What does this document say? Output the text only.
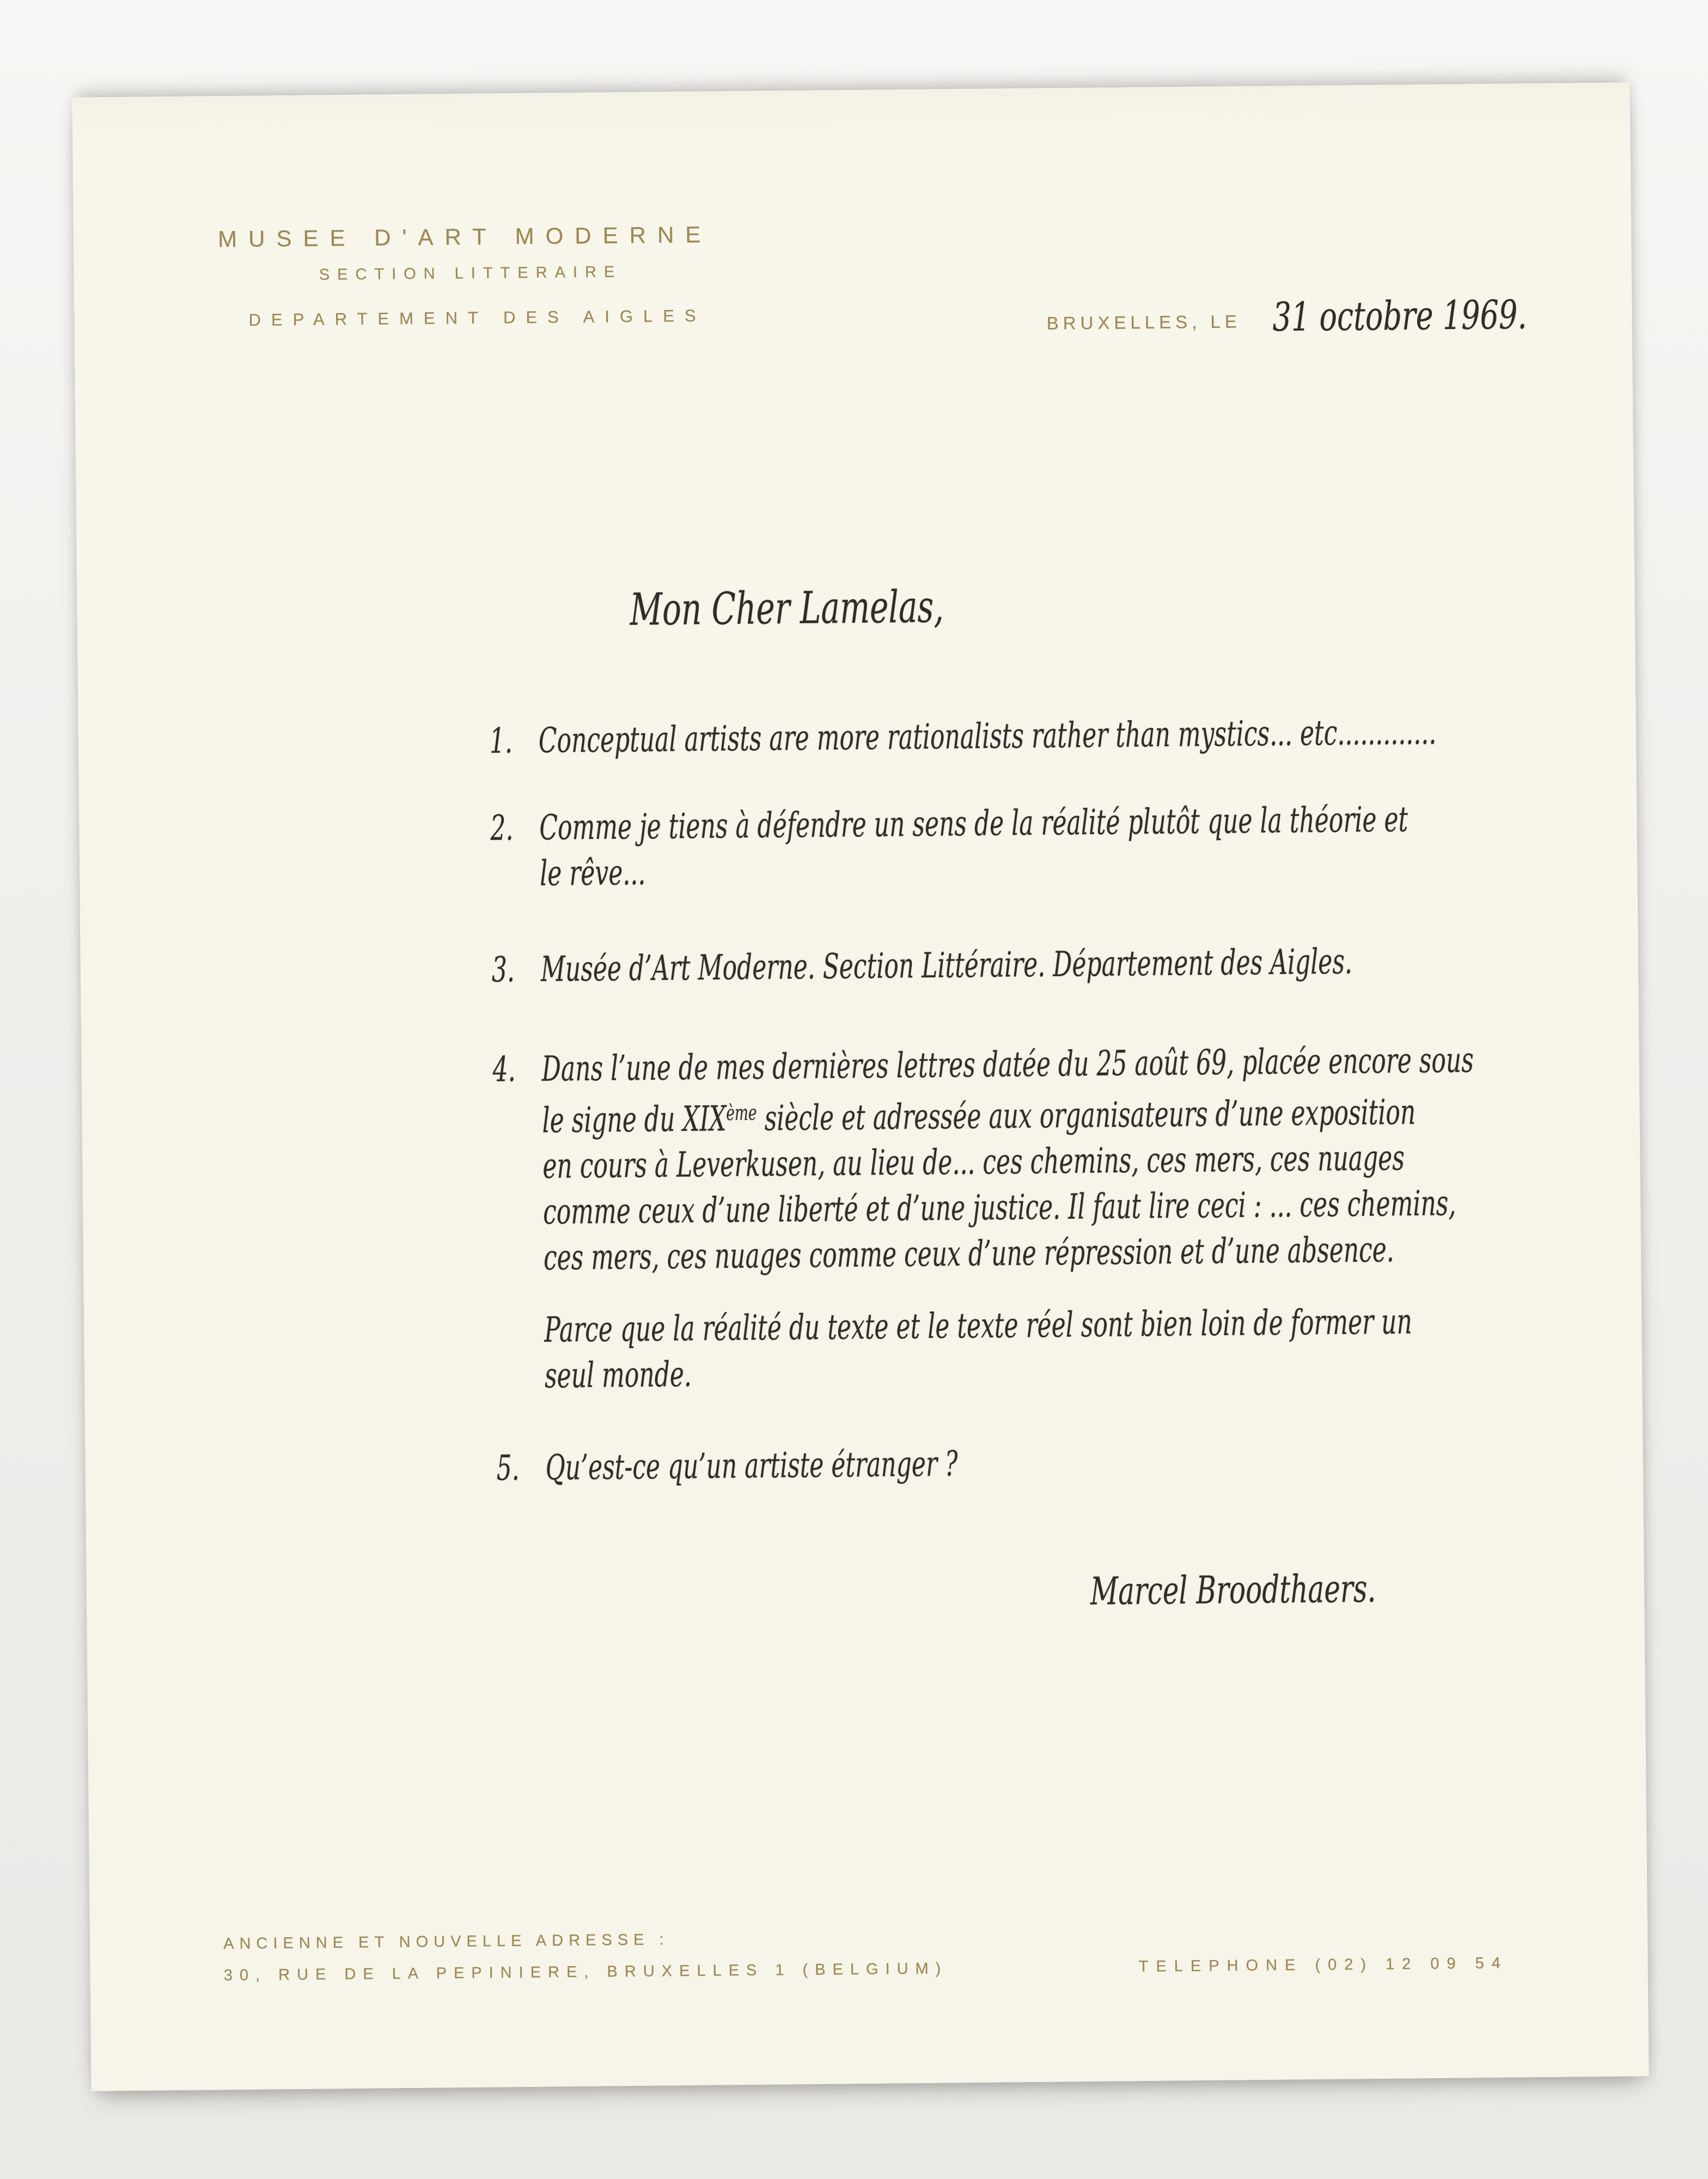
MUSEE D'ART MODERNE
SECTION LITTERAIRE
DEPARTEMENT DES AIGLES	BRUXELLES, LE 31 octobre 1969.
Mon Cher Lamelas,
1. Conceptual artists are more rationalists rather than mystics... etc.............
2. Comme je tiens à défendre un sens de la réalité plutôt que la théorie et
le rêve...
3. Musée d’Art Moderne. Section Littéraire. Département des Aigles.
4. Dans l’une de mes dernières lettres datée du 25 août 69, placée encore sous
le signe du XIXème siècle et adressée aux organisateurs d’une exposition
en cours à Leverkusen, au lieu de... ces chemins, ces mers, ces nuages
comme ceux d’une liberté et d’une justice. Il faut lire ceci : ... ces chemins,
ces mers, ces nuages comme ceux d’une répression et d’une absence.
Parce que la réalité du texte et le texte réel sont bien loin de former un
seul monde.
5. Qu’est-ce qu’un artiste étranger ?
Marcel Broodthaers.
ANCIENNE ET NOUVELLE ADRESSE :
30, RUE DE LA PEPINIERE, BRUXELLES 1 (BELGIUM)	TELEPHONE (02) 12 09 54
